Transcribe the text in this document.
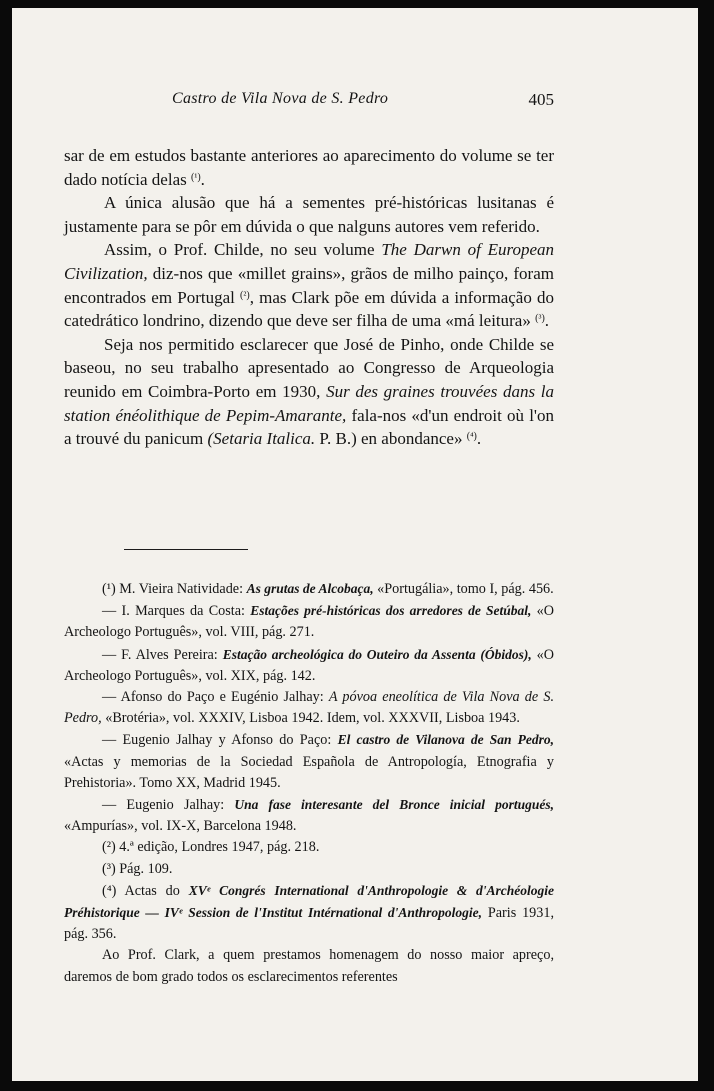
Castro de Vila Nova de S. Pedro	405

sar de em estudos bastante anteriores ao aparecimento do volume se ter dado notícia delas $^{(^1)}$.

A única alusão que há a sementes pré-históricas lusitanas é justamente para se pôr em dúvida o que nalguns autores vem referido.

Assim, o Prof. Childe, no seu volume The Darwn of European Civilization, diz-nos que «millet grains», grãos de milho painço, foram encontrados em Portugal $^{(^2)}$, mas Clark põe em dúvida a informação do catedrático londrino, dizendo que deve ser filha de uma «má leitura» $^{(^3)}$.

Seja nos permitido esclarecer que José de Pinho, onde Childe se baseou, no seu trabalho apresentado ao Congresso de Arqueologia reunido em Coimbra-Porto em 1930, Sur des graines trouvées dans la station énéolithique de Pepim-Amarante, fala-nos «d'un endroit où l'on a trouvé du panicum (Setaria Italica. P. B.) en abondance» $^{(^4)}$.

(¹) M. Vieira Natividade: As grutas de Alcobaça, «Portugália», tomo I, pág. 456.

— I. Marques da Costa: Estações pré-históricas dos arredores de Setúbal, «O Archeologo Português», vol. VIII, pág. 271.

— F. Alves Pereira: Estação archeológica do Outeiro da Assenta (Óbidos), «O Archeologo Português», vol. XIX, pág. 142.

— Afonso do Paço e Eugénio Jalhay: A póvoa eneolítica de Vila Nova de S. Pedro, «Brotéria», vol. XXXIV, Lisboa 1942. Idem, vol. XXXVII, Lisboa 1943.

— Eugenio Jalhay y Afonso do Paço: El castro de Vilanova de San Pedro, «Actas y memorias de la Sociedad Española de Antropología, Etnografia y Prehistoria». Tomo XX, Madrid 1945.

— Eugenio Jalhay: Una fase interesante del Bronce inicial portugués, «Ampurías», vol. IX-X, Barcelona 1948.

(²) 4.ª edição, Londres 1947, pág. 218.

(³) Pág. 109.

(⁴) Actas do XVᵉ Congrés International d'Anthropologie & d'Archéologie Préhistorique — IVᵉ Session de l'Institut Intérnational d'Anthropologie, Paris 1931, pág. 356.

Ao Prof. Clark, a quem prestamos homenagem do nosso maior apreço, daremos de bom grado todos os esclarecimentos referentes
